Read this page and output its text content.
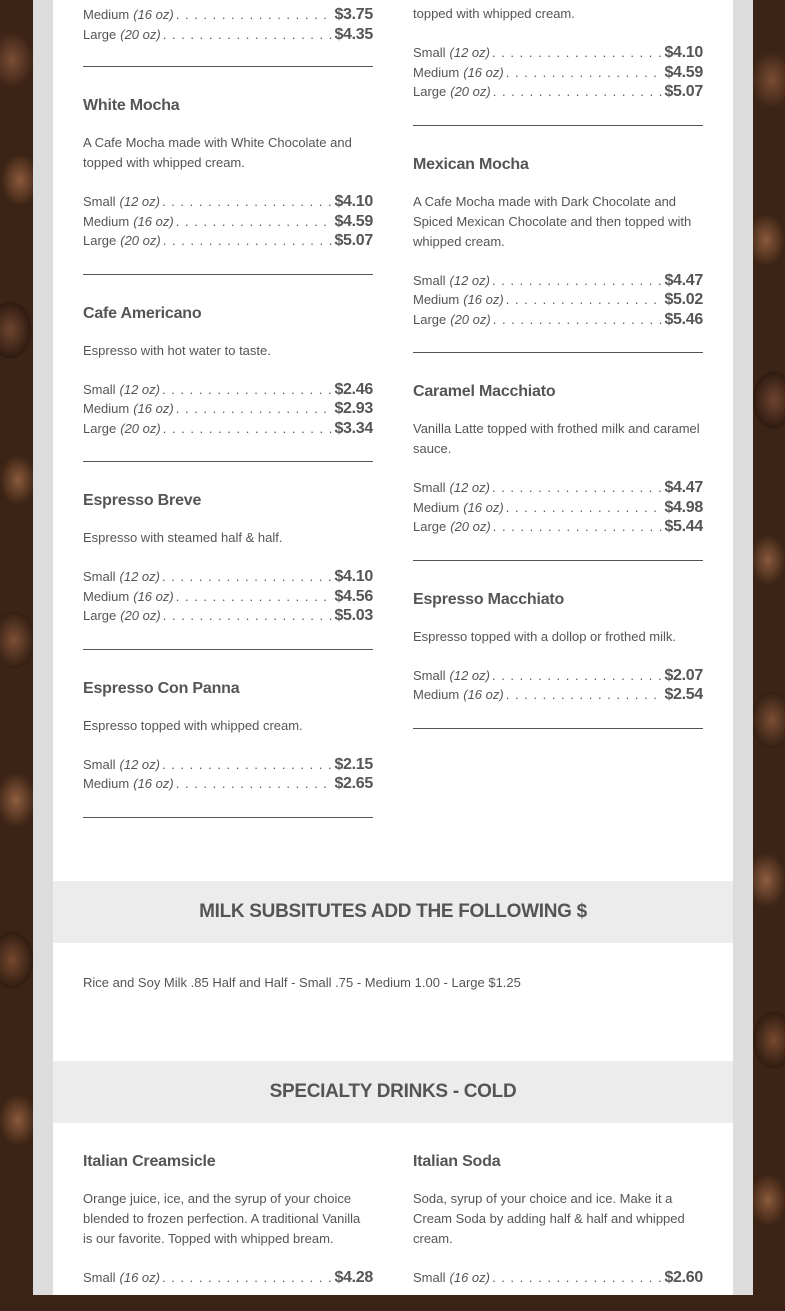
Medium (16 oz) . . .	$3.75
Large (20 oz) . . .	$4.35
White Mocha

A Cafe Mocha made with White Chocolate and topped with whipped cream.

Small (12 oz) . . .	$4.10
Medium (16 oz) . . .	$4.59
Large (20 oz) . . .	$5.07
Cafe Americano

Espresso with hot water to taste.

Small (12 oz) . . .	$2.46
Medium (16 oz) . . .	$2.93
Large (20 oz) . . .	$3.34
Espresso Breve

Espresso with steamed half & half.

Small (12 oz) . . .	$4.10
Medium (16 oz) . . .	$4.56
Large (20 oz) . . .	$5.03
Espresso Con Panna

Espresso topped with whipped cream.

Small (12 oz) . . .	$2.15
Medium (16 oz) . . .	$2.65

topped with whipped cream.

Small (12 oz) . . .	$4.10
Medium (16 oz) . . .	$4.59
Large (20 oz) . . .	$5.07
Mexican Mocha

A Cafe Mocha made with Dark Chocolate and Spiced Mexican Chocolate and then topped with whipped cream.

Small (12 oz) . . .	$4.47
Medium (16 oz) . . .	$5.02
Large (20 oz) . . .	$5.46
Caramel Macchiato

Vanilla Latte topped with frothed milk and caramel sauce.

Small (12 oz) . . .	$4.47
Medium (16 oz) . . .	$4.98
Large (20 oz) . . .	$5.44
Espresso Macchiato

Espresso topped with a dollop or frothed milk.

Small (12 oz) . . .	$2.07
Medium (16 oz) . . .	$2.54
MILK SUBSITUTES ADD THE FOLLOWING $
Rice and Soy Milk .85 Half and Half - Small .75 - Medium 1.00 - Large $1.25
SPECIALTY DRINKS - COLD
Italian Creamsicle

Orange juice, ice, and the syrup of your choice blended to frozen perfection. A traditional Vanilla is our favorite. Topped with whipped bream.

Small (16 oz) . . .	$4.28
Italian Soda

Soda, syrup of your choice and ice. Make it a Cream Soda by adding half & half and whipped cream.

Small (16 oz) . . .	$2.60
